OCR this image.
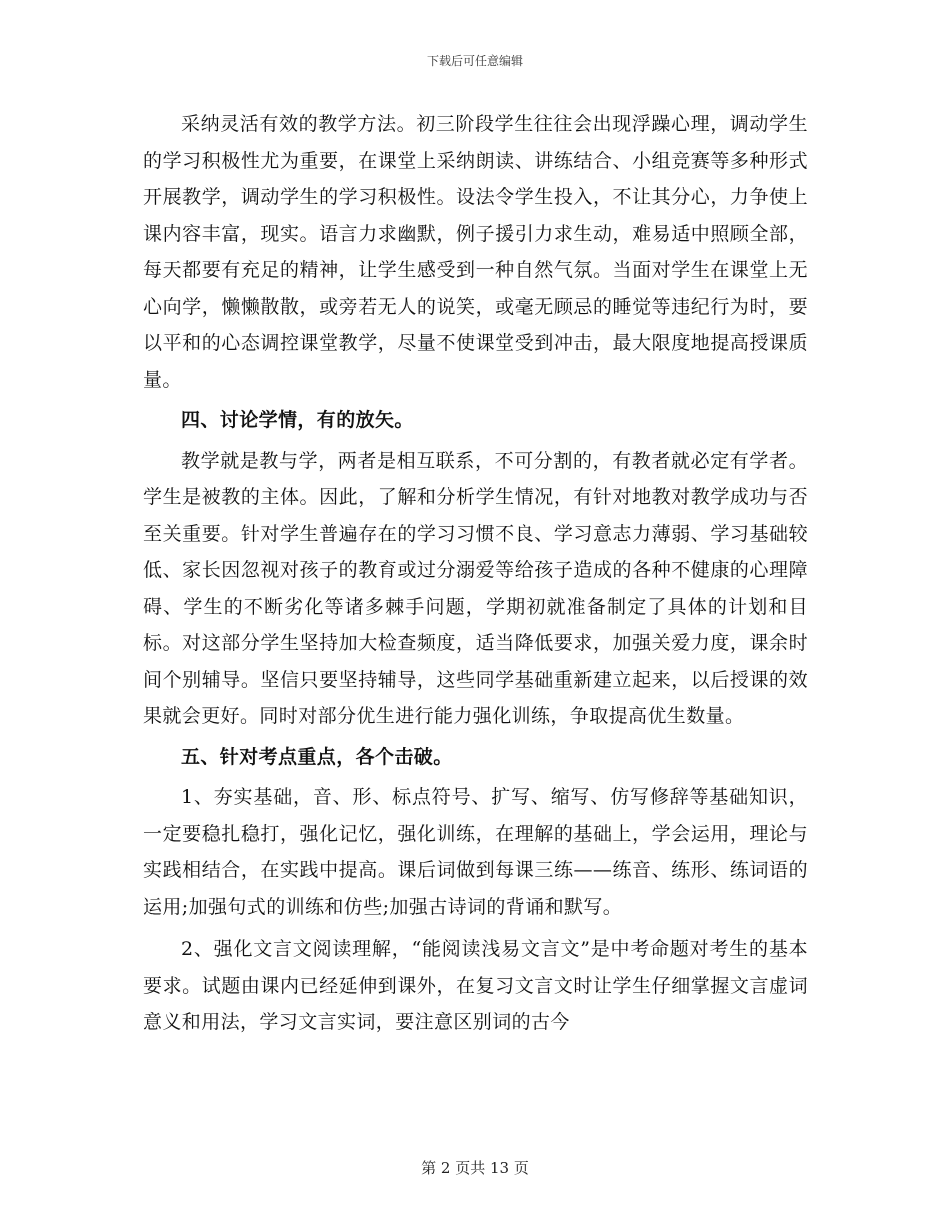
下载后可任意编辑

采纳灵活有效的教学方法。初三阶段学生往往会出现浮躁心理，调动学生的学习积极性尤为重要，在课堂上采纳朗读、讲练结合、小组竞赛等多种形式开展教学，调动学生的学习积极性。设法令学生投入，不让其分心，力争使上课内容丰富，现实。语言力求幽默，例子援引力求生动，难易适中照顾全部，每天都要有充足的精神，让学生感受到一种自然气氛。当面对学生在课堂上无心向学，懒懒散散，或旁若无人的说笑，或毫无顾忌的睡觉等违纪行为时，要以平和的心态调控课堂教学，尽量不使课堂受到冲击，最大限度地提高授课质量。

四、讨论学情，有的放矢。

教学就是教与学，两者是相互联系，不可分割的，有教者就必定有学者。学生是被教的主体。因此，了解和分析学生情况，有针对地教对教学成功与否至关重要。针对学生普遍存在的学习习惯不良、学习意志力薄弱、学习基础较低、家长因忽视对孩子的教育或过分溺爱等给孩子造成的各种不健康的心理障碍、学生的不断劣化等诸多棘手问题，学期初就准备制定了具体的计划和目标。对这部分学生坚持加大检查频度，适当降低要求，加强关爱力度，课余时间个别辅导。坚信只要坚持辅导，这些同学基础重新建立起来，以后授课的效果就会更好。同时对部分优生进行能力强化训练，争取提高优生数量。

五、针对考点重点，各个击破。

1、夯实基础，音、形、标点符号、扩写、缩写、仿写修辞等基础知识，一定要稳扎稳打，强化记忆，强化训练，在理解的基础上，学会运用，理论与实践相结合，在实践中提高。课后词做到每课三练——练音、练形、练词语的运用;加强句式的训练和仿些;加强古诗词的背诵和默写。

2、强化文言文阅读理解，“能阅读浅易文言文”是中考命题对考生的基本要求。试题由课内已经延伸到课外，在复习文言文时让学生仔细掌握文言虚词意义和用法，学习文言实词，要注意区别词的古今

第 2 页共 13 页
